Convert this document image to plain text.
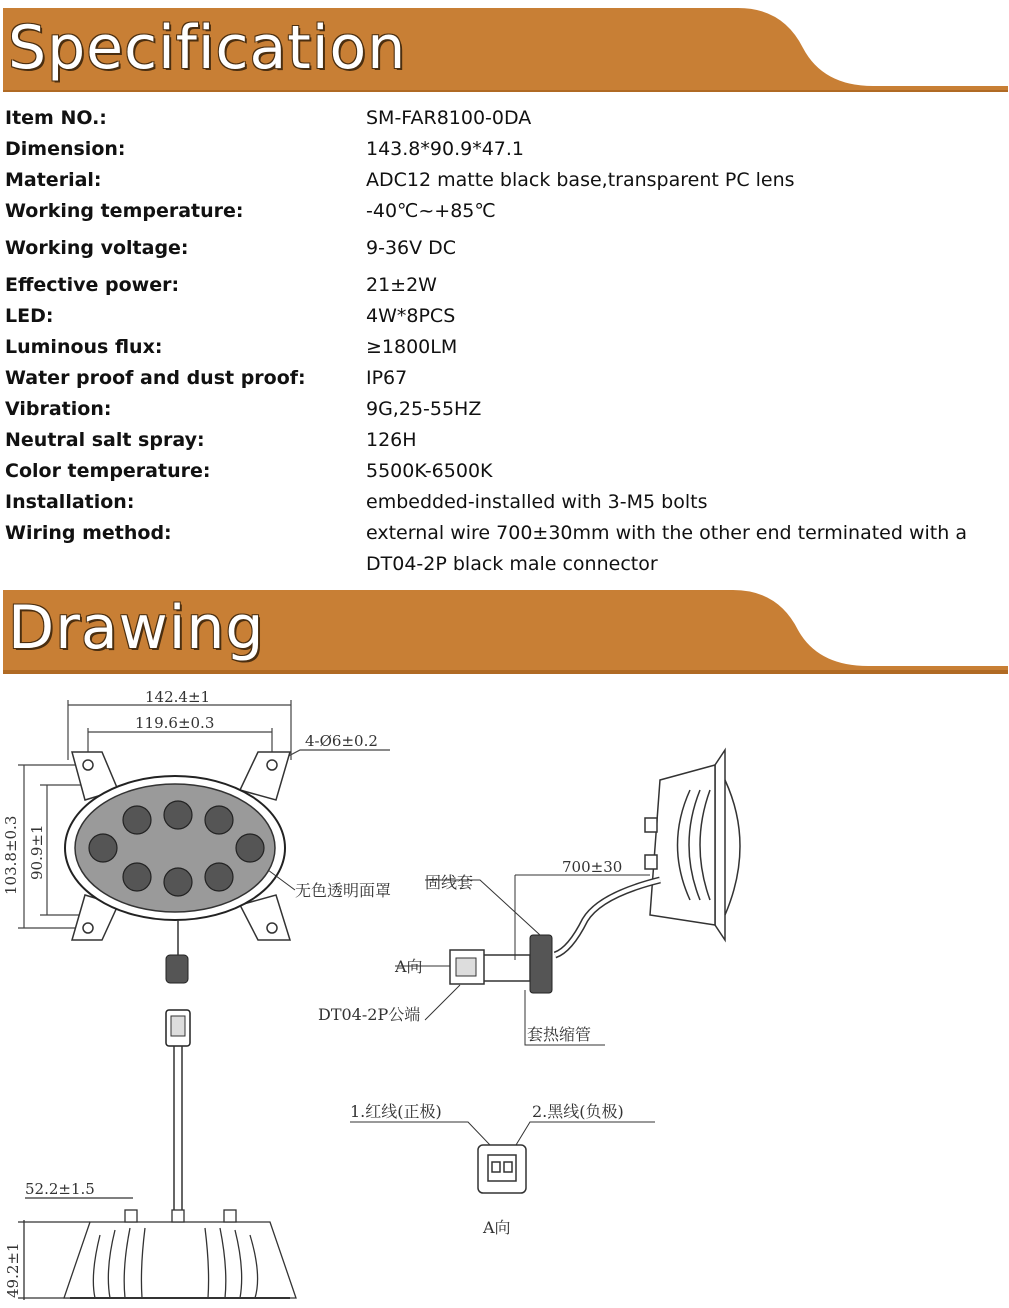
Specification
Item NO.:	SM-FAR8100-0DA
Dimension:	143.8*90.9*47.1
Material:	ADC12 matte black base,transparent PC lens
Working temperature:	-40℃~+85℃
Working voltage:	9-36V DC
Effective power:	21±2W
LED:	4W*8PCS
Luminous flux:	≥1800LM
Water proof and dust proof:	IP67
Vibration:	9G,25-55HZ
Neutral salt spray:	126H
Color temperature:	5500K-6500K
Installation:	embedded-installed with 3-M5 bolts
Wiring method:	external wire 700±30mm with the other end terminated with a DT04-2P black male connector
Drawing
142.4±1
119.6±0.3
4-Ø6±0.2
103.8±0.3 90.9±1
无色透明面罩 固线套
700±30
A向
DT04-2P公端
套热缩管
1.红线(正极)	2.黑线(负极)
A向
52.2±1.5
49.2±1
